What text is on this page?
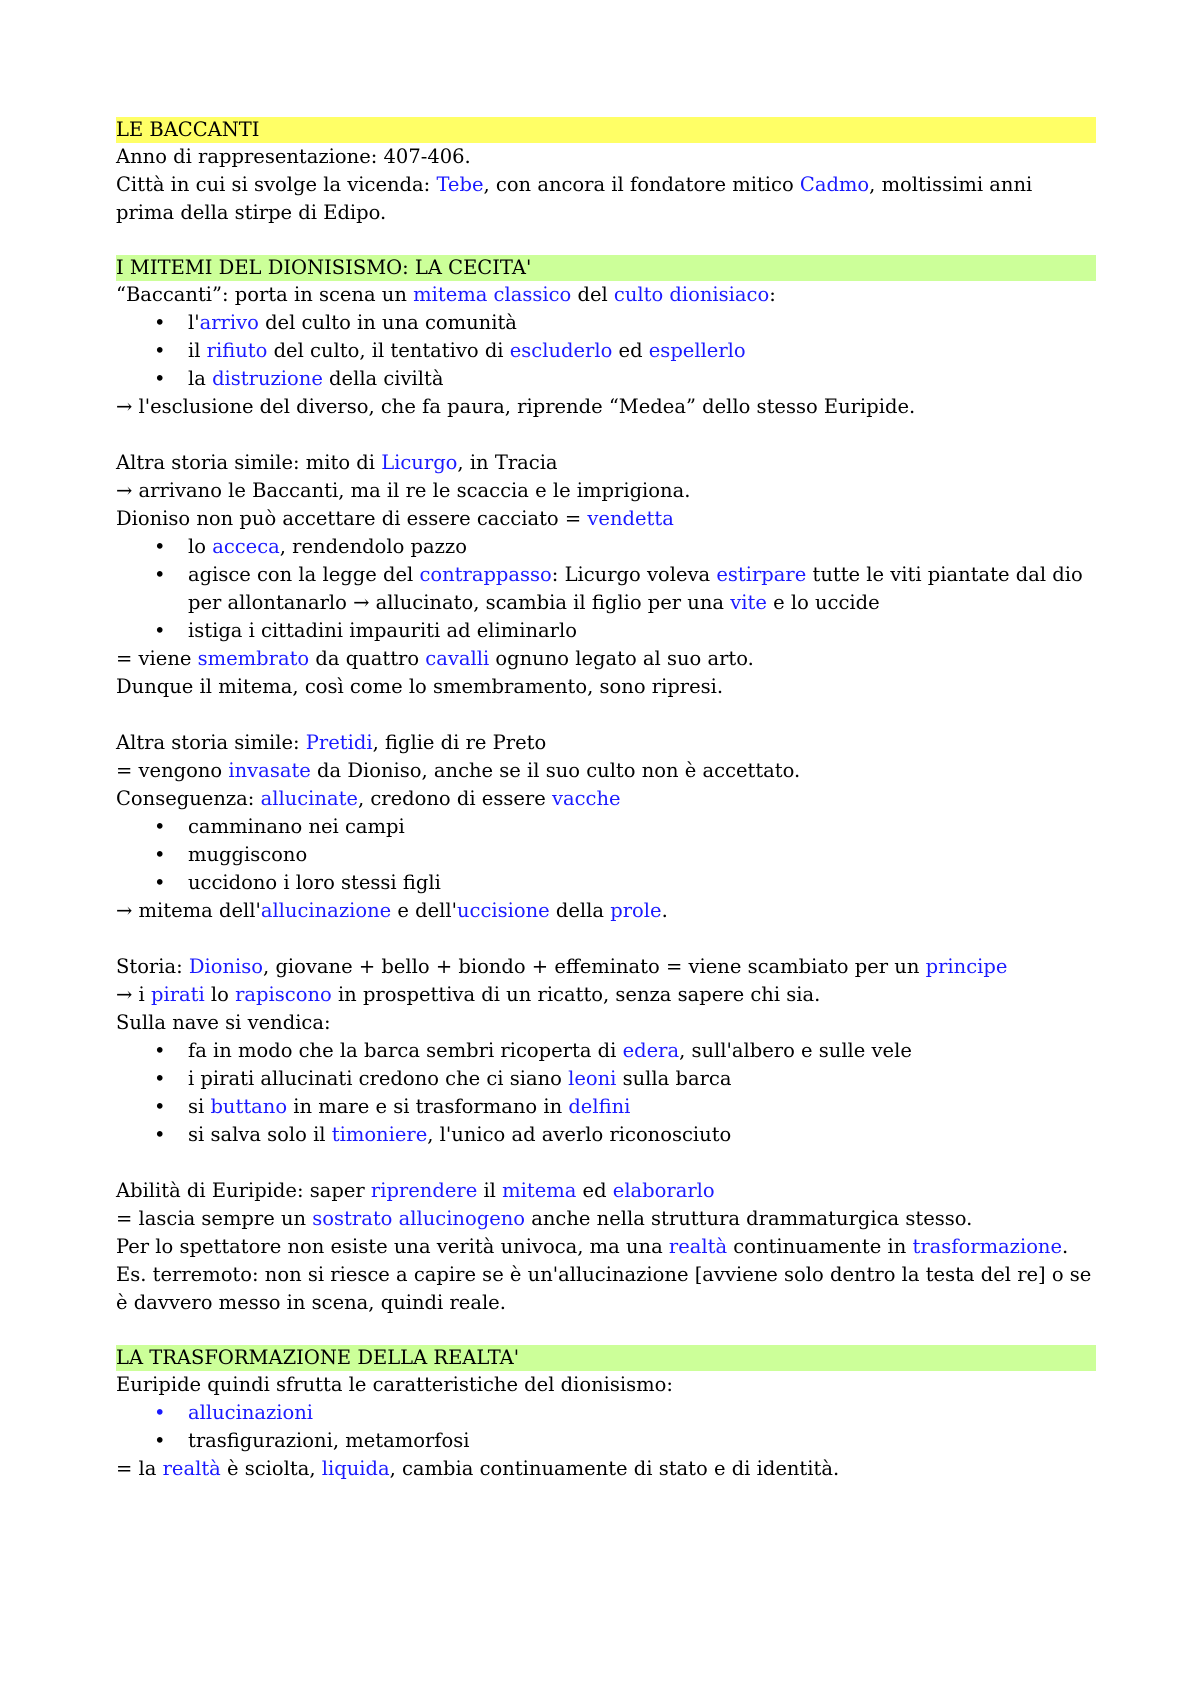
LE BACCANTI

Anno di rappresentazione: 407-406.

Città in cui si svolge la vicenda: Tebe, con ancora il fondatore mitico Cadmo, moltissimi anni prima della stirpe di Edipo.

I MITEMI DEL DIONISISMO: LA CECITA'

“Baccanti”: porta in scena un mitema classico del culto dionisiaco:

• l'arrivo del culto in una comunità
• il rifiuto del culto, il tentativo di escluderlo ed espellerlo
• la distruzione della civiltà

→ l'esclusione del diverso, che fa paura, riprende “Medea” dello stesso Euripide.

Altra storia simile: mito di Licurgo, in Tracia

→ arrivano le Baccanti, ma il re le scaccia e le imprigiona.

Dioniso non può accettare di essere cacciato = vendetta

• lo acceca, rendendolo pazzo
• agisce con la legge del contrappasso: Licurgo voleva estirpare tutte le viti piantate dal dio per allontanarlo → allucinato, scambia il figlio per una vite e lo uccide
• istiga i cittadini impauriti ad eliminarlo

= viene smembrato da quattro cavalli ognuno legato al suo arto.

Dunque il mitema, così come lo smembramento, sono ripresi.

Altra storia simile: Pretidi, figlie di re Preto

= vengono invasate da Dioniso, anche se il suo culto non è accettato.

Conseguenza: allucinate, credono di essere vacche

• camminano nei campi
• muggiscono
• uccidono i loro stessi figli

→ mitema dell'allucinazione e dell'uccisione della prole.

Storia: Dioniso, giovane + bello + biondo + effeminato = viene scambiato per un principe

→ i pirati lo rapiscono in prospettiva di un ricatto, senza sapere chi sia.

Sulla nave si vendica:

• fa in modo che la barca sembri ricoperta di edera, sull'albero e sulle vele
• i pirati allucinati credono che ci siano leoni sulla barca
• si buttano in mare e si trasformano in delfini
• si salva solo il timoniere, l'unico ad averlo riconosciuto

Abilità di Euripide: saper riprendere il mitema ed elaborarlo

= lascia sempre un sostrato allucinogeno anche nella struttura drammaturgica stesso.

Per lo spettatore non esiste una verità univoca, ma una realtà continuamente in trasformazione.

Es. terremoto: non si riesce a capire se è un'allucinazione [avviene solo dentro la testa del re] o se è davvero messo in scena, quindi reale.

LA TRASFORMAZIONE DELLA REALTA'

Euripide quindi sfrutta le caratteristiche del dionisismo:

• allucinazioni
• trasfigurazioni, metamorfosi

= la realtà è sciolta, liquida, cambia continuamente di stato e di identità.
